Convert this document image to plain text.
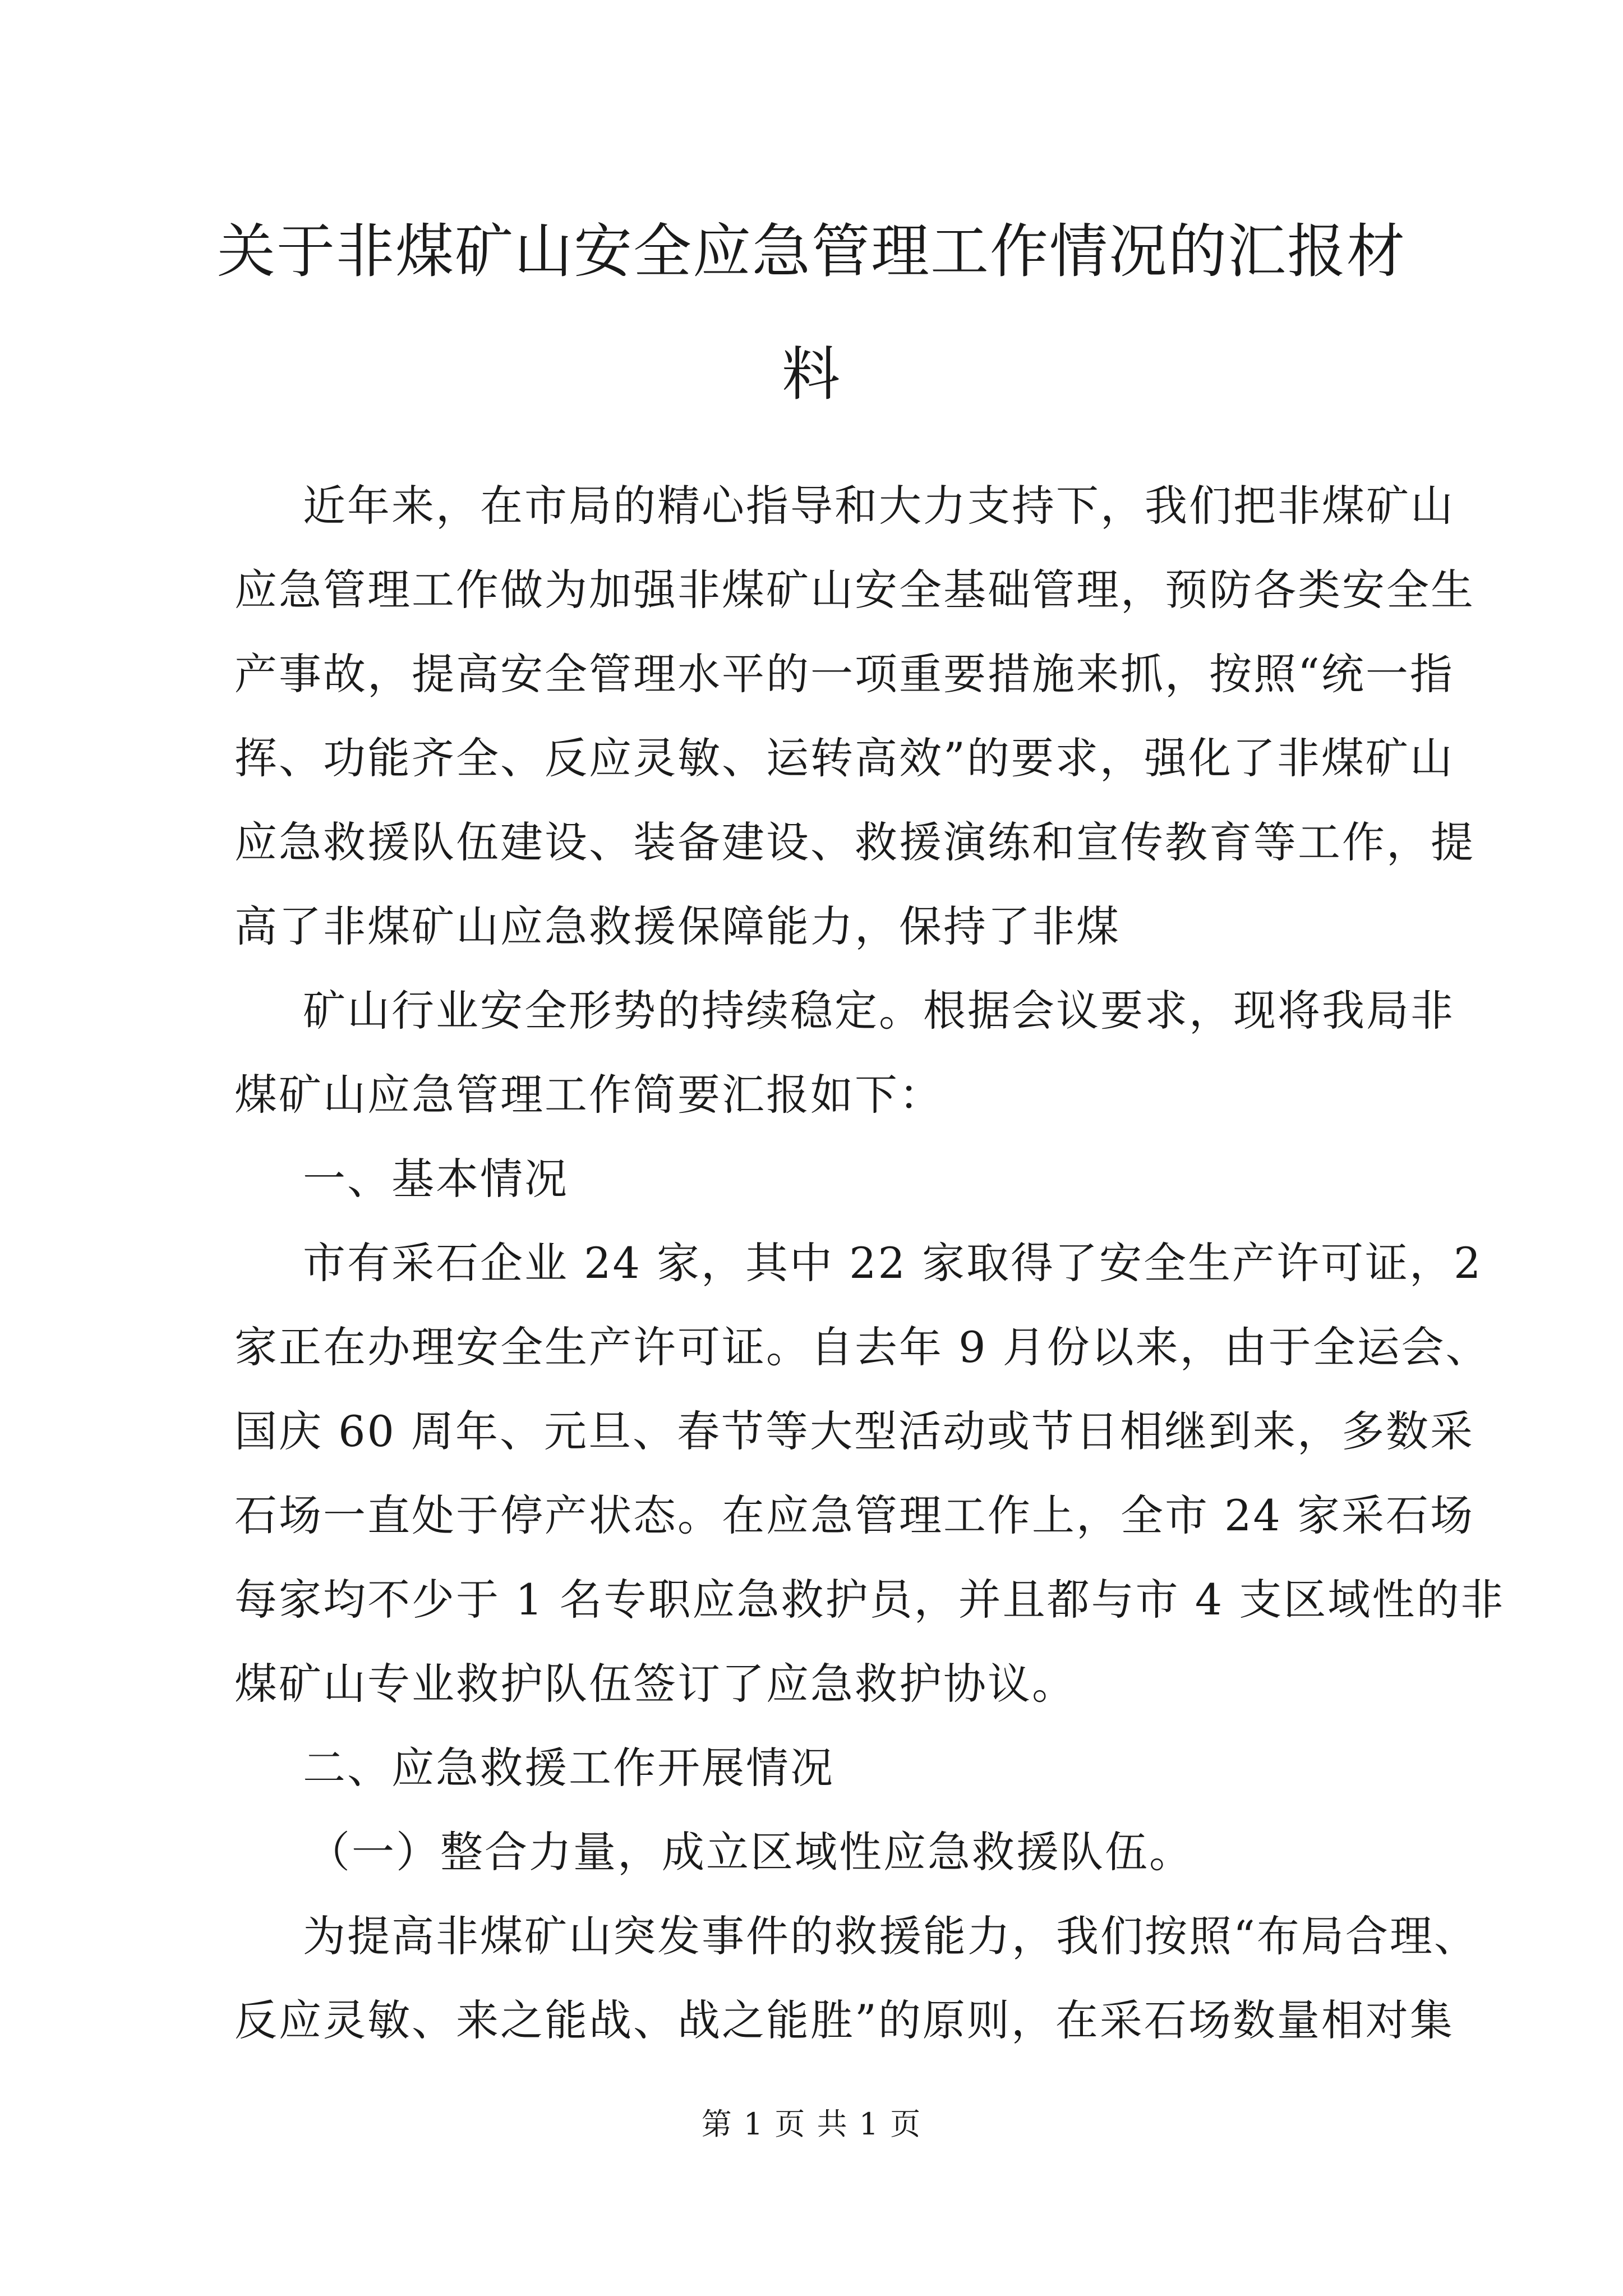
关于非煤矿山安全应急管理工作情况的汇报材
料

近年来，在市局的精心指导和大力支持下，我们把非煤矿山

应急管理工作做为加强非煤矿山安全基础管理，预防各类安全生

产事故，提高安全管理水平的一项重要措施来抓，按照“统一指

挥、功能齐全、反应灵敏、运转高效”的要求，强化了非煤矿山

应急救援队伍建设、装备建设、救援演练和宣传教育等工作，提

高了非煤矿山应急救援保障能力，保持了非煤

矿山行业安全形势的持续稳定。根据会议要求，现将我局非

煤矿山应急管理工作简要汇报如下：

一、基本情况

市有采石企业 24 家，其中 22 家取得了安全生产许可证，2

家正在办理安全生产许可证。自去年 9 月份以来，由于全运会、

国庆 60 周年、元旦、春节等大型活动或节日相继到来，多数采

石场一直处于停产状态。在应急管理工作上，全市 24 家采石场

每家均不少于 1 名专职应急救护员，并且都与市 4 支区域性的非

煤矿山专业救护队伍签订了应急救护协议。

二、应急救援工作开展情况

（一）整合力量，成立区域性应急救援队伍。

为提高非煤矿山突发事件的救援能力，我们按照“布局合理、

反应灵敏、来之能战、战之能胜”的原则，在采石场数量相对集

第 1 页 共 1 页
